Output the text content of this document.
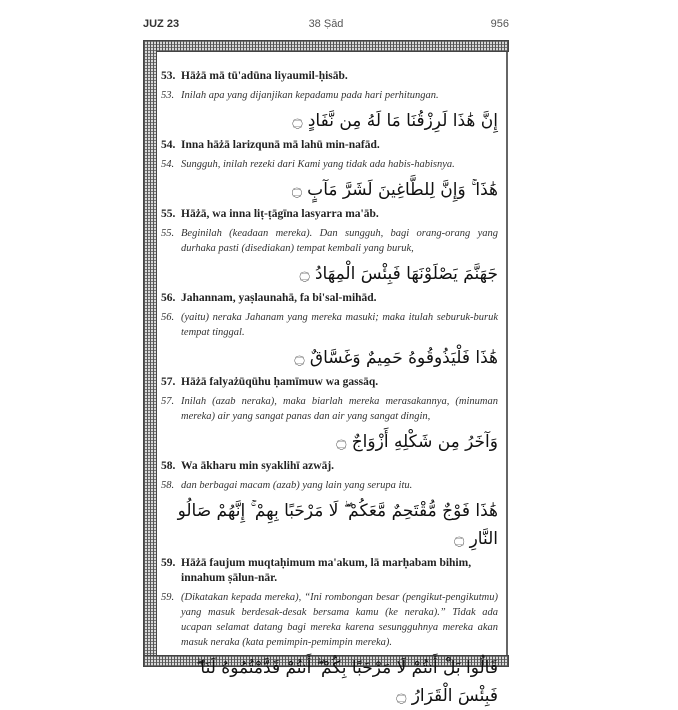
JUZ 23	38 Ṣād	956
53. Hāżā mā tū'adūna liyaumil-ḥisāb.
53. Inilah apa yang dijanjikan kepadamu pada hari perhitungan.
إِنَّ هَٰذَا لَرِزْقُنَا مَا لَهُ مِن نَّفَادٍ ۝
54. Inna hāżā larizqunā mā lahū min-nafād.
54. Sungguh, inilah rezeki dari Kami yang tidak ada habis-habisnya.
هَٰذَا ۚ وَإِنَّ لِلطَّاغِينَ لَشَرَّ مَآبٍ ۝
55. Hāżā, wa inna liṭ-ṭāgīna lasyarra ma'āb.
55. Beginilah (keadaan mereka). Dan sungguh, bagi orang-orang yang durhaka pasti (disediakan) tempat kembali yang buruk,
جَهَنَّمَ يَصْلَوْنَهَا فَبِئْسَ الْمِهَادُ ۝
56. Jahannam, yaṣlaunahā, fa bi'sal-mihād.
56. (yaitu) neraka Jahanam yang mereka masuki; maka itulah seburuk-buruk tempat tinggal.
هَٰذَا فَلْيَذُوقُوهُ حَمِيمٌ وَغَسَّاقٌ ۝
57. Hāżā falyażūqūhu ḥamīmuw wa gassāq.
57. Inilah (azab neraka), maka biarlah mereka merasakannya, (minuman mereka) air yang sangat panas dan air yang sangat dingin,
وَآخَرُ مِن شَكْلِهِ أَزْوَاجٌ ۝
58. Wa ākharu min syaklihī azwāj.
58. dan berbagai macam (azab) yang lain yang serupa itu.
هَٰذَا فَوْجٌ مُّقْتَحِمٌ مَّعَكُمْ ۖ لَا مَرْحَبًا بِهِمْ ۚ إِنَّهُمْ صَالُو النَّارِ ۝
59. Hāżā faujum muqtaḥimum ma'akum, lā marḥabam bihim, innahum ṣālun-nār.
59. (Dikatakan kepada mereka), “Ini rombongan besar (pengikut-pengikutmu) yang masuk berdesak-desak bersama kamu (ke neraka).” Tidak ada ucapan selamat datang bagi mereka karena sesungguhnya mereka akan masuk neraka (kata pemimpin-pemimpin mereka).
قَالُوا بَلْ أَنتُمْ لَا مَرْحَبًا بِكُمْ ۖ أَنتُمْ قَدَّمْتُمُوهُ لَنَا ۖ فَبِئْسَ الْقَرَارُ ۝
